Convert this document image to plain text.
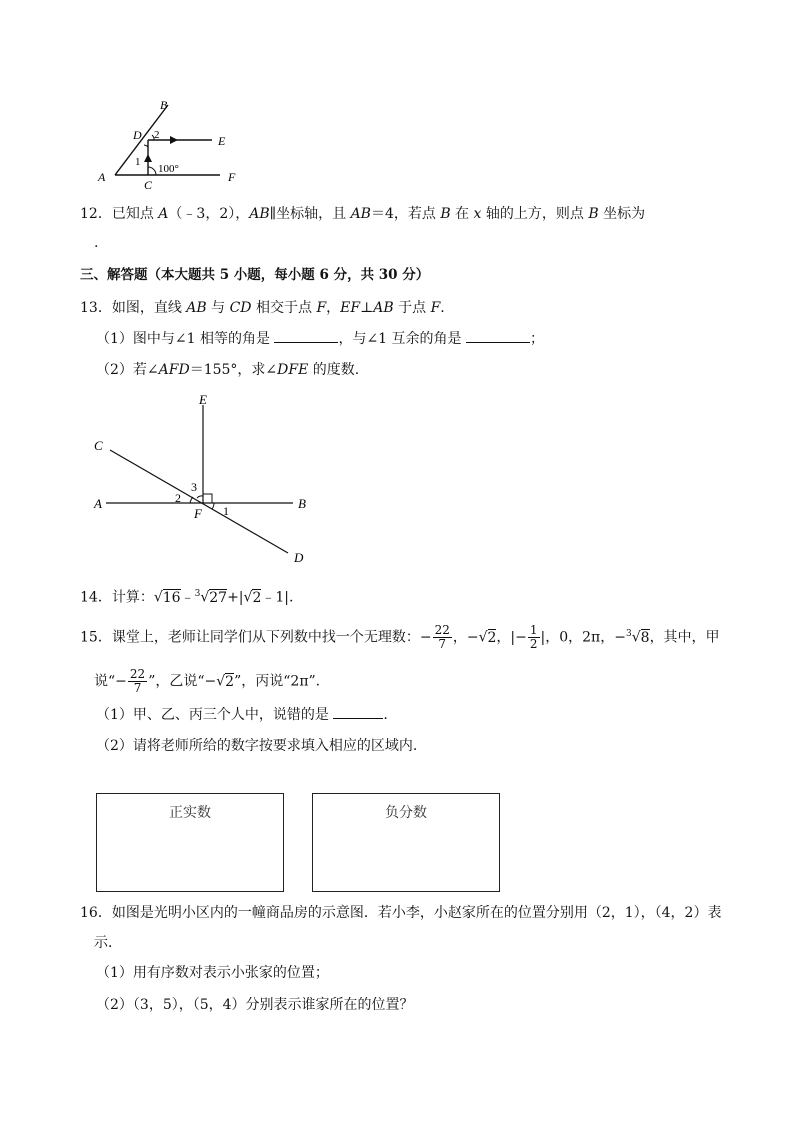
B
D 2	E
1
100°
A
C
F
12．已知点 A（﹣3，2），AB∥坐标轴，且 AB＝4，若点 B 在 x 轴的上方，则点 B 坐标为
.
三、解答题（本大题共 5 小题，每小题 6 分，共 30 分）
13．如图，直线 AB 与 CD 相交于点 F，EF⊥AB 于点 F.
（1）图中与∠1 相等的角是	，与∠1 互余的角是	；
（2）若∠AFD＝155°，求∠DFE 的度数.
E
C
3
2
A	B
F 1
D
14．计算：√16﹣$^3$√27+|√2﹣1|.
15．课堂上，老师让同学们从下列数中找一个无理数：− $\frac{22}{7}$ ，−√2，|− $\frac{1}{2}$ |，0，2π，−$^3$√8，其中，甲
说“− $\frac{22}{7}$ ”，乙说“−√2”，丙说“2π”.
（1）甲、乙、丙三个人中，说错的是	.
（2）请将老师所给的数字按要求填入相应的区域内.
正实数	负分数
16．如图是光明小区内的一幢商品房的示意图．若小李，小赵家所在的位置分别用（2，1），（4，2）表
示．
（1）用有序数对表示小张家的位置；
（2）（3，5），（5，4）分别表示谁家所在的位置？
